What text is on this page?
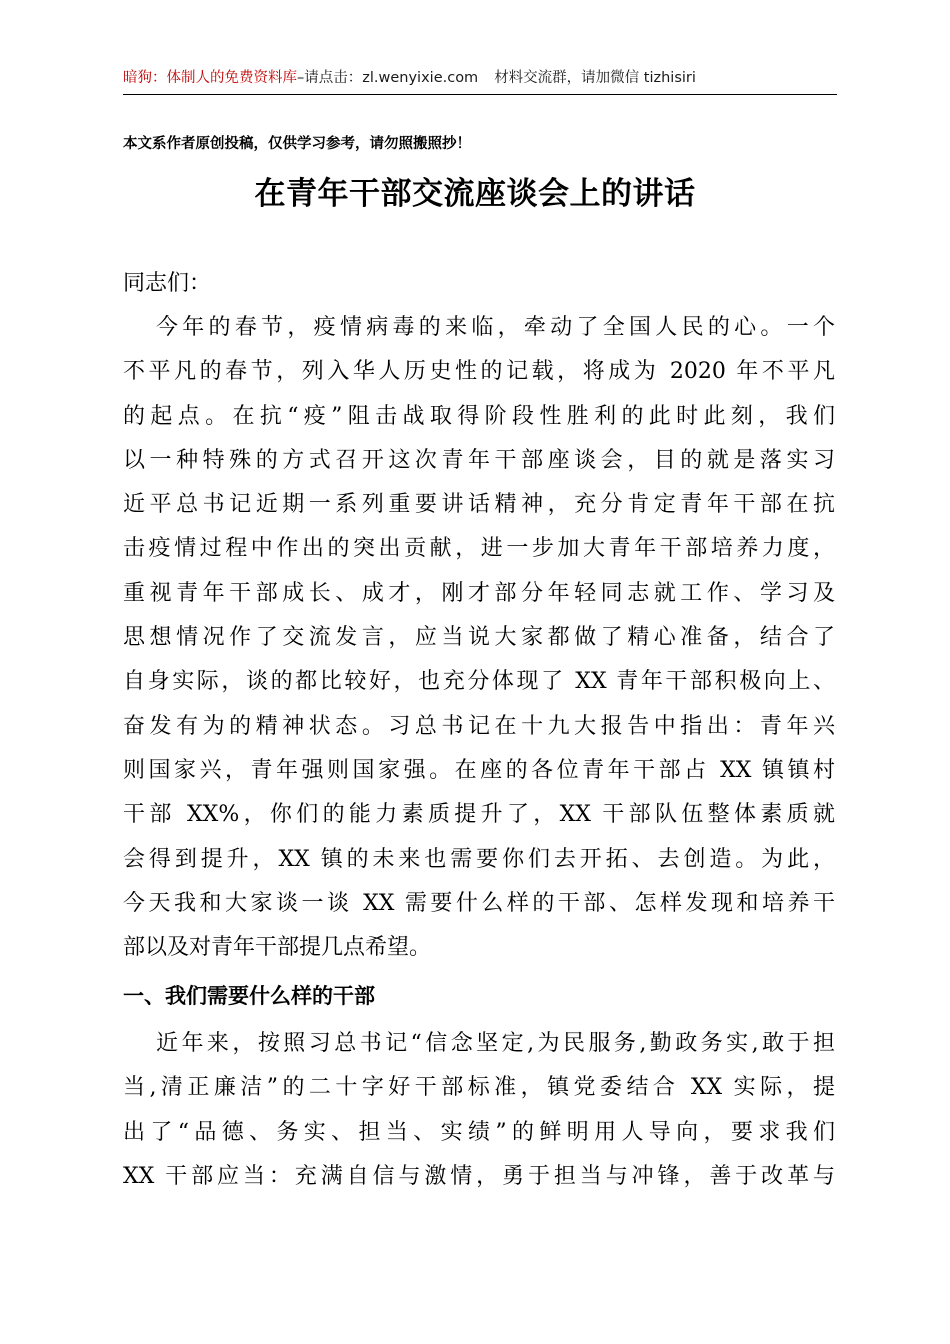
暗狗：体制人的免费资料库–请点击：zl.wenyixie.com 材料交流群，请加微信 tizhisiri
本文系作者原创投稿，仅供学习参考，请勿照搬照抄！
在青年干部交流座谈会上的讲话
同志们：
今年的春节，疫情病毒的来临，牵动了全国人民的心。一个
不平凡的春节，列入华人历史性的记载，将成为 2020 年不平凡
的起点。在抗“疫”阻击战取得阶段性胜利的此时此刻，我们
以一种特殊的方式召开这次青年干部座谈会，目的就是落实习
近平总书记近期一系列重要讲话精神，充分肯定青年干部在抗
击疫情过程中作出的突出贡献，进一步加大青年干部培养力度，
重视青年干部成长、成才，刚才部分年轻同志就工作、学习及
思想情况作了交流发言，应当说大家都做了精心准备，结合了
自身实际，谈的都比较好，也充分体现了 XX 青年干部积极向上、
奋发有为的精神状态。习总书记在十九大报告中指出：青年兴
则国家兴，青年强则国家强。在座的各位青年干部占 XX 镇镇村
干部 XX%，你们的能力素质提升了，XX 干部队伍整体素质就
会得到提升，XX 镇的未来也需要你们去开拓、去创造。为此，
今天我和大家谈一谈 XX 需要什么样的干部、怎样发现和培养干
部以及对青年干部提几点希望。
一、我们需要什么样的干部
近年来，按照习总书记“信念坚定,为民服务,勤政务实,敢于担
当,清正廉洁”的二十字好干部标准，镇党委结合 XX 实际，提
出了“品德、务实、担当、实绩”的鲜明用人导向，要求我们
XX 干部应当：充满自信与激情，勇于担当与冲锋，善于改革与
